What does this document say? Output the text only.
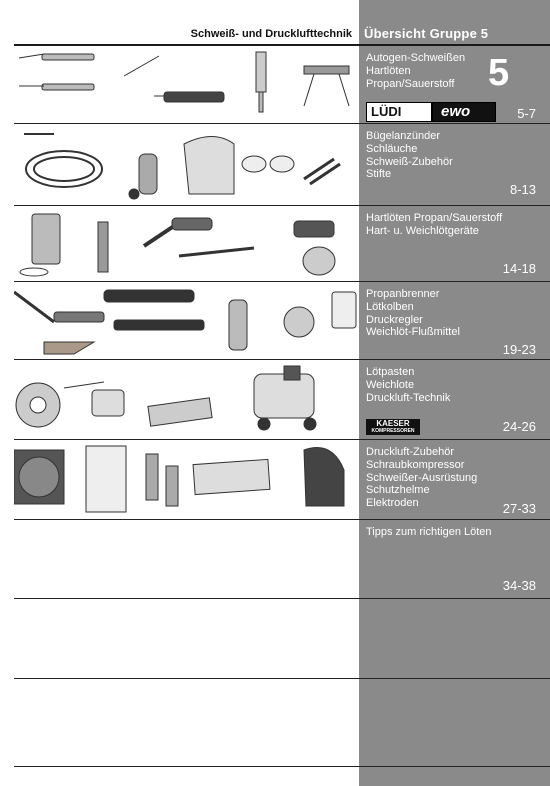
Schweiß- und Drucklufttechnik Übersicht Gruppe 5
5
Autogen-Schweißen
Hartlöten
Propan/Sauerstoff
LÜDI	ewo	5-7
Bügelanzünder
Schläuche
Schweiß-Zubehör
Stifte
8-13
Hartlöten Propan/Sauerstoff
Hart- u. Weichlötgeräte
14-18
Propanbrenner
Lötkolben
Druckregler
Weichlöt-Flußmittel
19-23
Lötpasten
Weichlote
Druckluft-Technik
24-26
KAESER
KOMPRESSOREN
Druckluft-Zubehör
Schraubkompressor
Schweißer-Ausrüstung
Schutzhelme
Elektroden	27-33
Tipps zum richtigen Löten
34-38
